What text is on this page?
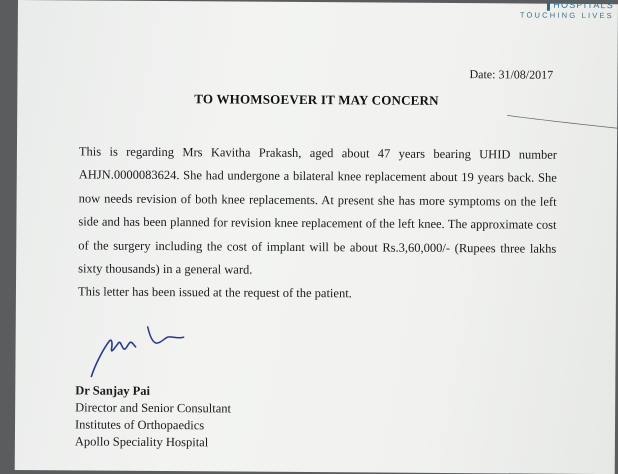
HOSPITALS
TOUCHING LIVES
Date: 31/08/2017
TO WHOMSOEVER IT MAY CONCERN
This is regarding Mrs Kavitha Prakash, aged about 47 years bearing UHID number AHJN.0000083624. She had undergone a bilateral knee replacement about 19 years back. She now needs revision of both knee replacements. At present she has more symptoms on the left side and has been planned for revision knee replacement of the left knee. The approximate cost of the surgery including the cost of implant will be about Rs.3,60,000/- (Rupees three lakhs sixty thousands) in a general ward.
This letter has been issued at the request of the patient.
Dr Sanjay Pai
Director and Senior Consultant
Institutes of Orthopaedics
Apollo Speciality Hospital
